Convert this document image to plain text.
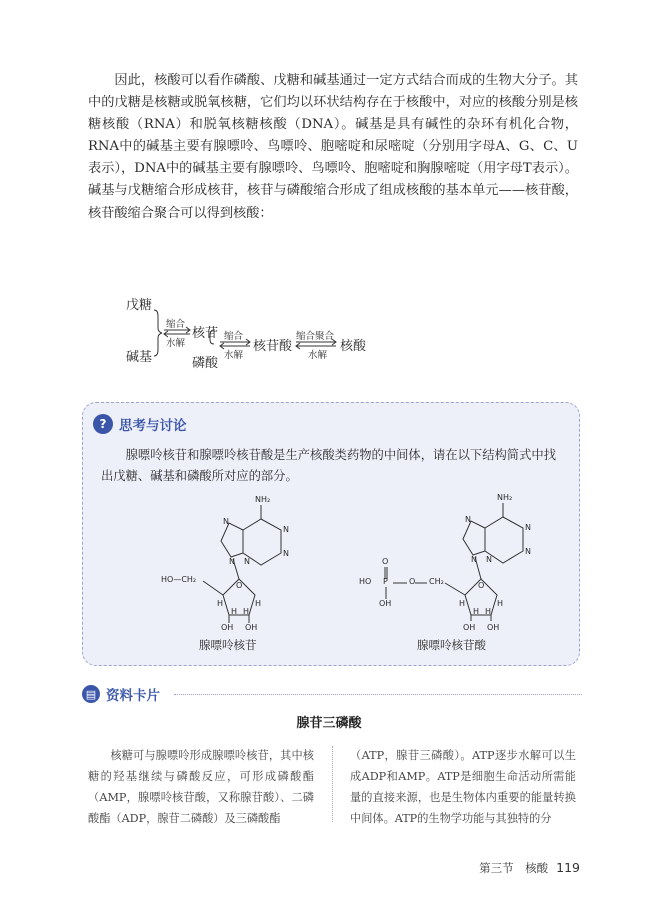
因此，核酸可以看作磷酸、戊糖和碱基通过一定方式结合而成的生物大分子。其中的戊糖是核糖或脱氧核糖，它们均以环状结构存在于核酸中，对应的核酸分别是核糖核酸（RNA）和脱氧核糖核酸（DNA）。碱基是具有碱性的杂环有机化合物，RNA中的碱基主要有腺嘌呤、鸟嘌呤、胞嘧啶和尿嘧啶（分别用字母A、G、C、U表示），DNA中的碱基主要有腺嘌呤、鸟嘌呤、胞嘧啶和胸腺嘧啶（用字母T表示）。碱基与戊糖缩合形成核苷，核苷与磷酸缩合形成了组成核酸的基本单元——核苷酸，核苷酸缩合聚合可以得到核酸：

戊糖
碱基
缩合
水解
核苷
磷酸
缩合
水解
核苷酸
缩合聚合
水解
核酸
? 思考与讨论
腺嘌呤核苷和腺嘌呤核苷酸是生产核酸类药物的中间体，请在以下结构简式中找出戊糖、碱基和磷酸所对应的部分。
NH₂
N
N
N
N
N
HO—CH₂
O
H	H
H H
OH OH
腺嘌呤核苷
NH₂
N
N
N
N
N
O
HO P	O CH₂
OH
O
H	H
H H
OH OH
腺嘌呤核苷酸
▤ 资料卡片
腺苷三磷酸
核糖可与腺嘌呤形成腺嘌呤核苷，其中核糖的羟基继续与磷酸反应，可形成磷酸酯（AMP，腺嘌呤核苷酸，又称腺苷酸）、二磷酸酯（ADP，腺苷二磷酸）及三磷酸酯
（ATP，腺苷三磷酸）。ATP逐步水解可以生成ADP和AMP。ATP是细胞生命活动所需能量的直接来源，也是生物体内重要的能量转换中间体。ATP的生物学功能与其独特的分
第三节　核酸 119
